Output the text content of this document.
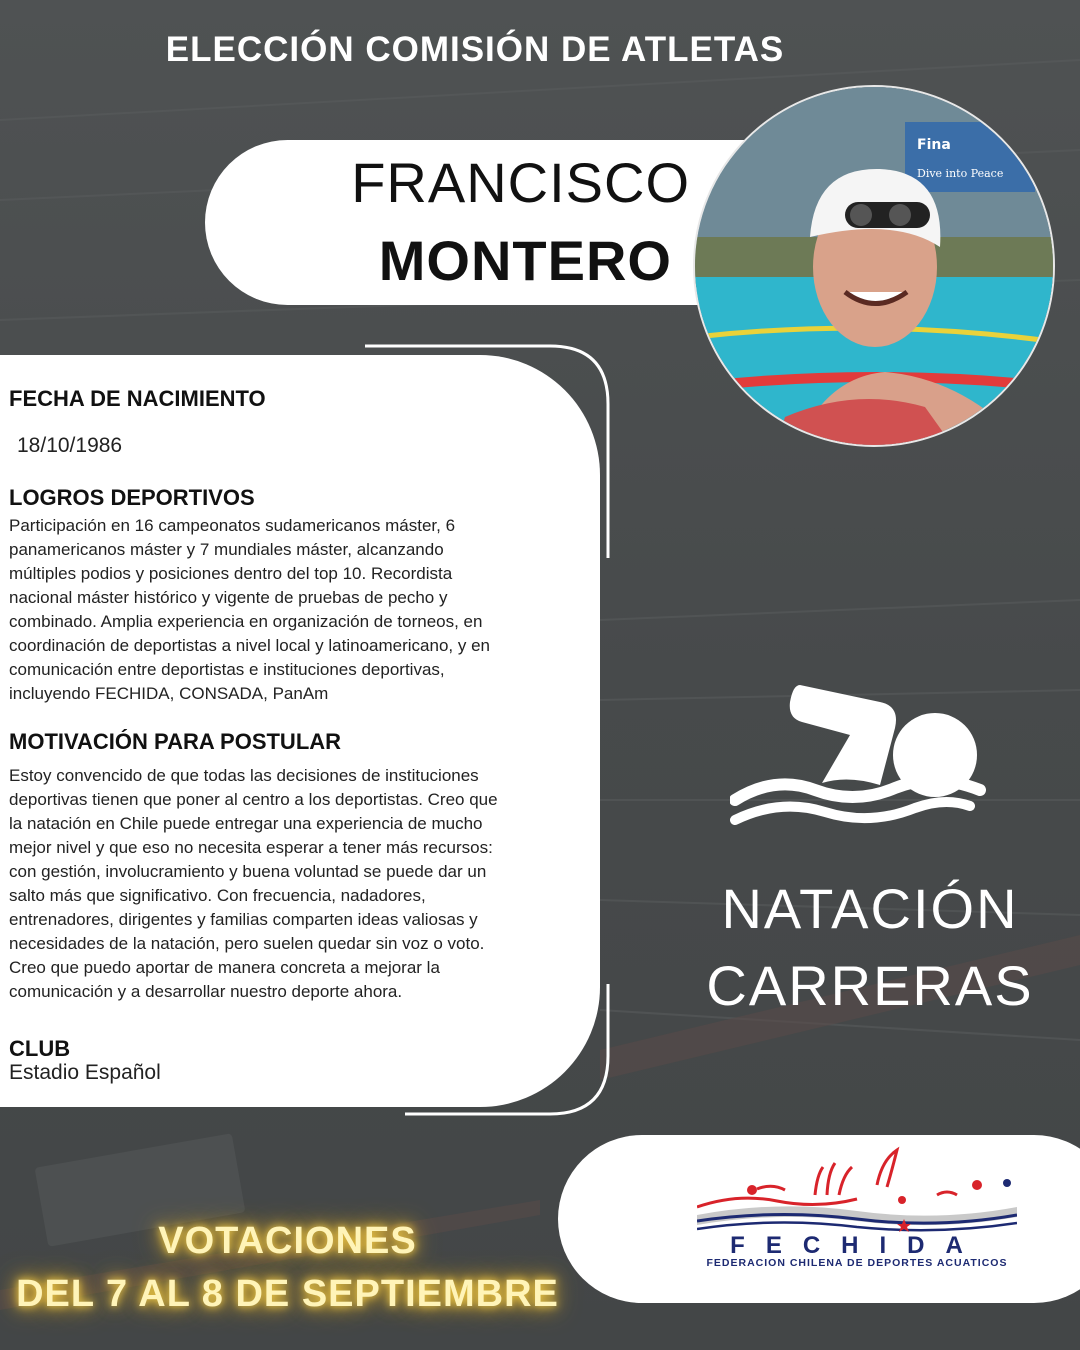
ELECCIÓN COMISIÓN DE ATLETAS
FRANCISCO
MONTERO
Fina
Dive into Peace
FECHA DE NACIMIENTO
18/10/1986
LOGROS DEPORTIVOS
Participación en 16 campeonatos sudamericanos máster, 6
panamericanos máster y 7 mundiales máster, alcanzando
múltiples podios y posiciones dentro del top 10. Recordista
nacional máster histórico y vigente de pruebas de pecho y
combinado. Amplia experiencia en organización de torneos, en
coordinación de deportistas a nivel local y latinoamericano, y en
comunicación entre deportistas e instituciones deportivas,
incluyendo FECHIDA, CONSADA, PanAm
MOTIVACIÓN PARA POSTULAR
Estoy convencido de que todas las decisiones de instituciones
deportivas tienen que poner al centro a los deportistas. Creo que
la natación en Chile puede entregar una experiencia de mucho
mejor nivel y que eso no necesita esperar a tener más recursos:
con gestión, involucramiento y buena voluntad se puede dar un
salto más que significativo. Con frecuencia, nadadores,
entrenadores, dirigentes y familias comparten ideas valiosas y
necesidades de la natación, pero suelen quedar sin voz o voto.
Creo que puedo aportar de manera concreta a mejorar la
comunicación y a desarrollar nuestro deporte ahora.
CLUB
Estadio Español
NATACIÓN
CARRERAS
VOTACIONES
DEL 7 AL 8 DE SEPTIEMBRE
FECHIDA
FEDERACION CHILENA DE DEPORTES ACUATICOS
